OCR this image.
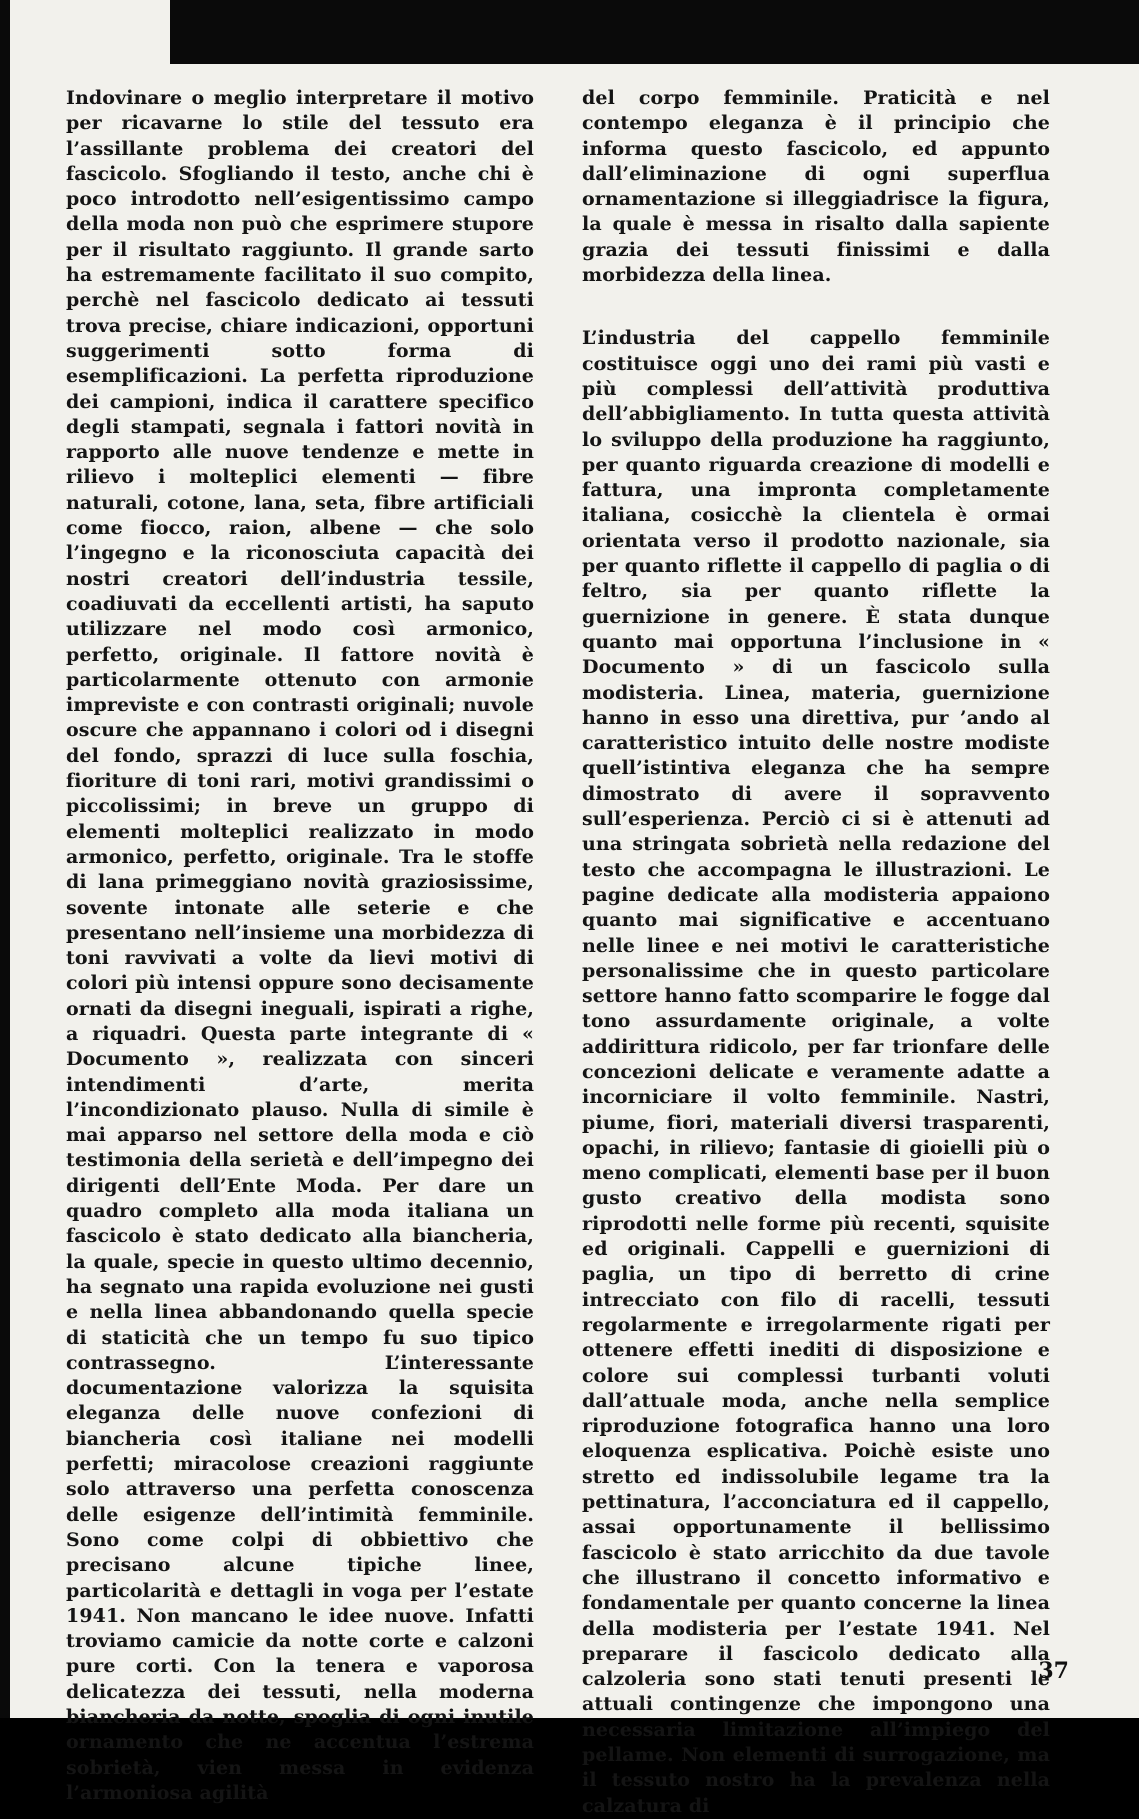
Indovinare o meglio interpretare il motivo per ricavarne lo stile del tessuto era l’assillante problema dei creatori del fascicolo. Sfogliando il testo, anche chi è poco introdotto nell’esigentissimo campo della moda non può che esprimere stupore per il risultato raggiunto. Il grande sarto ha estremamente facilitato il suo compito, perchè nel fascicolo dedicato ai tessuti trova precise, chiare indicazioni, opportuni suggerimenti sotto forma di esemplificazioni. La perfetta riproduzione dei campioni, indica il carattere specifico degli stampati, segnala i fattori novità in rapporto alle nuove tendenze e mette in rilievo i molteplici elementi — fibre naturali, cotone, lana, seta, fibre artificiali come fiocco, raion, albene — che solo l’ingegno e la riconosciuta capacità dei nostri creatori dell’industria tessile, coadiuvati da eccellenti artisti, ha saputo utilizzare nel modo così armonico, perfetto, originale. Il fattore novità è particolarmente ottenuto con armonie impreviste e con contrasti originali; nuvole oscure che appannano i colori od i disegni del fondo, sprazzi di luce sulla foschia, fioriture di toni rari, motivi grandissimi o piccolissimi; in breve un gruppo di elementi molteplici realizzato in modo armonico, perfetto, originale. Tra le stoffe di lana primeggiano novità graziosissime, sovente intonate alle seterie e che presentano nell’insieme una morbidezza di toni ravvivati a volte da lievi motivi di colori più intensi oppure sono decisamente ornati da disegni ineguali, ispirati a righe, a riquadri. Questa parte integrante di « Documento », realizzata con sinceri intendimenti d’arte, merita l’incondizionato plauso. Nulla di simile è mai apparso nel settore della moda e ciò testimonia della serietà e dell’impegno dei dirigenti dell’Ente Moda. Per dare un quadro completo alla moda italiana un fascicolo è stato dedicato alla biancheria, la quale, specie in questo ultimo decennio, ha segnato una rapida evoluzione nei gusti e nella linea abbandonando quella specie di staticità che un tempo fu suo tipico contrassegno. L’interessante documentazione valorizza la squisita eleganza delle nuove confezioni di biancheria così italiane nei modelli perfetti; miracolose creazioni raggiunte solo attraverso una perfetta conoscenza delle esigenze dell’intimità femminile. Sono come colpi di obbiettivo che precisano alcune tipiche linee, particolarità e dettagli in voga per l’estate 1941. Non mancano le idee nuove. Infatti troviamo camicie da notte corte e calzoni pure corti. Con la tenera e vaporosa delicatezza dei tessuti, nella moderna biancheria da notte, spoglia di ogni inutile ornamento che ne accentua l’estrema sobrietà, vien messa in evidenza l’armoniosa agilità

del corpo femminile. Praticità e nel contempo eleganza è il principio che informa questo fascicolo, ed appunto dall’eliminazione di ogni superflua ornamentazione si illeggiadrisce la figura, la quale è messa in risalto dalla sapiente grazia dei tessuti finissimi e dalla morbidezza della linea.

L’industria del cappello femminile costituisce oggi uno dei rami più vasti e più complessi dell’attività produttiva dell’abbigliamento. In tutta questa attività lo sviluppo della produzione ha raggiunto, per quanto riguarda creazione di modelli e fattura, una impronta completamente italiana, cosicchè la clientela è ormai orientata verso il prodotto nazionale, sia per quanto riflette il cappello di paglia o di feltro, sia per quanto riflette la guernizione in genere. È stata dunque quanto mai opportuna l’inclusione in « Documento » di un fascicolo sulla modisteria. Linea, materia, guernizione hanno in esso una direttiva, pur ’ando al caratteristico intuito delle nostre modiste quell’istintiva eleganza che ha sempre dimostrato di avere il sopravvento sull’esperienza. Perciò ci si è attenuti ad una stringata sobrietà nella redazione del testo che accompagna le illustrazioni. Le pagine dedicate alla modisteria appaiono quanto mai significative e accentuano nelle linee e nei motivi le caratteristiche personalissime che in questo particolare settore hanno fatto scomparire le fogge dal tono assurdamente originale, a volte addirittura ridicolo, per far trionfare delle concezioni delicate e veramente adatte a incorniciare il volto femminile. Nastri, piume, fiori, materiali diversi trasparenti, opachi, in rilievo; fantasie di gioielli più o meno complicati, elementi base per il buon gusto creativo della modista sono riprodotti nelle forme più recenti, squisite ed originali. Cappelli e guernizioni di paglia, un tipo di berretto di crine intrecciato con filo di racelli, tessuti regolarmente e irregolarmente rigati per ottenere effetti inediti di disposizione e colore sui complessi turbanti voluti dall’attuale moda, anche nella semplice riproduzione fotografica hanno una loro eloquenza esplicativa. Poichè esiste uno stretto ed indissolubile legame tra la pettinatura, l’acconciatura ed il cappello, assai opportunamente il bellissimo fascicolo è stato arricchito da due tavole che illustrano il concetto informativo e fondamentale per quanto concerne la linea della modisteria per l’estate 1941. Nel preparare il fascicolo dedicato alla calzoleria sono stati tenuti presenti le attuali contingenze che impongono una necessaria limitazione all’impiego del pellame. Non elementi di surrogazione, ma il tessuto nostro ha la prevalenza nella calzatura di

37
